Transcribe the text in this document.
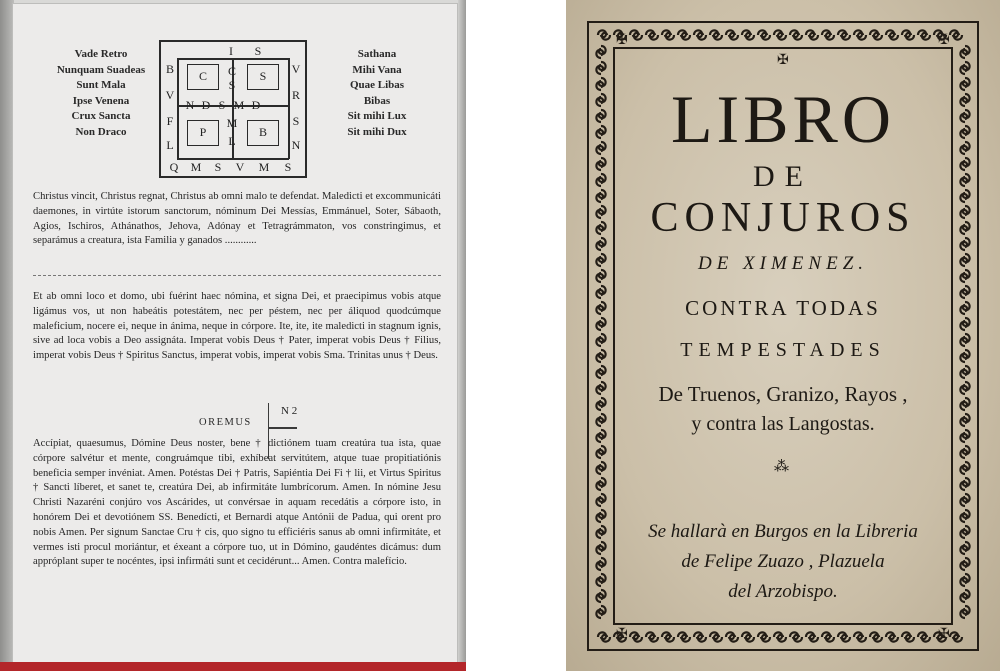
Vade Retro
Nunquam Suadeas
Sunt Mala
Ipse Venena
Crux Sancta
Non Draco
I	S
B
V
F
L
V
R
S
N
C C
S
S
N D S M D
P
M
B
L
Q M	S	V M	S
Sathana
Mihi Vana
Quae Libas
Bibas
Sit mihi Lux
Sit mihi Dux
Christus vincit, Christus regnat, Christus ab omni malo te defendat. Maledicti et excommunicáti daemones, in virtúte istorum sanctorum, nóminum Dei Messías, Emmánuel, Soter, Sábaoth, Agios, Ischiros, Athánathos, Jehova, Adónay et Tetragrámmaton, vos constringimus, et separámus a creatura, ista Familia y ganados ............
Et ab omni loco et domo, ubi fuérint haec nómina, et signa Dei, et praecipimus vobis atque ligámus vos, ut non habeátis potestátem, nec per péstem, nec per áliquod quodcúmque maleficium, nocere ei, neque in ánima, neque in córpore. Ite, ite, ite maledicti in stagnum ignis, sive ad loca vobis a Deo assignáta. Imperat vobis Deus † Pater, imperat vobis Deus † Filius, imperat vobis Deus † Spiritus Sanctus, imperat vobis, imperat vobis Sma. Trinitas unus † Deus.
OREMUS
N 2
Accípiat, quaesumus, Dómine Deus noster, bene † dictiónem tuam creatúra tua ista, quae córpore salvétur et mente, congruámque tibi, exhíbeat servitútem, atque tuae propitiatiónis beneficia semper invéniat. Amen. Potéstas Dei † Patris, Sapiéntia Dei Fi † lii, et Virtus Spiritus † Sancti líberet, et sanet te, creatúra Dei, ab infirmitáte lumbrícorum. Amen. In nómine Jesu Christi Nazaréni conjúro vos Ascárides, ut convérsae in aquam recedátis a córpore isto, in honórem Dei et devotiónem SS. Benedícti, et Bernardi atque Antónii de Padua, qui orent pro nobis Amen. Per signum Sanctae Cru † cis, quo signo tu efficiéris sanus ab omni infirmitáte, et vermes isti procul moriántur, et éxeant a córpore tuo, ut in Dómino, gaudéntes dicámus: dum appróplant super te nocéntes, ipsi infirmáti sunt et cecidérunt... Amen. Contra malefício.
✠	✠
✠	✠
✠
LIBRO
DE
CONJUROS
DE XIMENEZ.
CONTRA TODAS
TEMPESTADES
De Truenos, Granizo, Rayos ,
y contra las Langostas.
⁂
Se hallarà en Burgos en la Libreria
de Felipe Zuazo , Plazuela
del Arzobispo.
